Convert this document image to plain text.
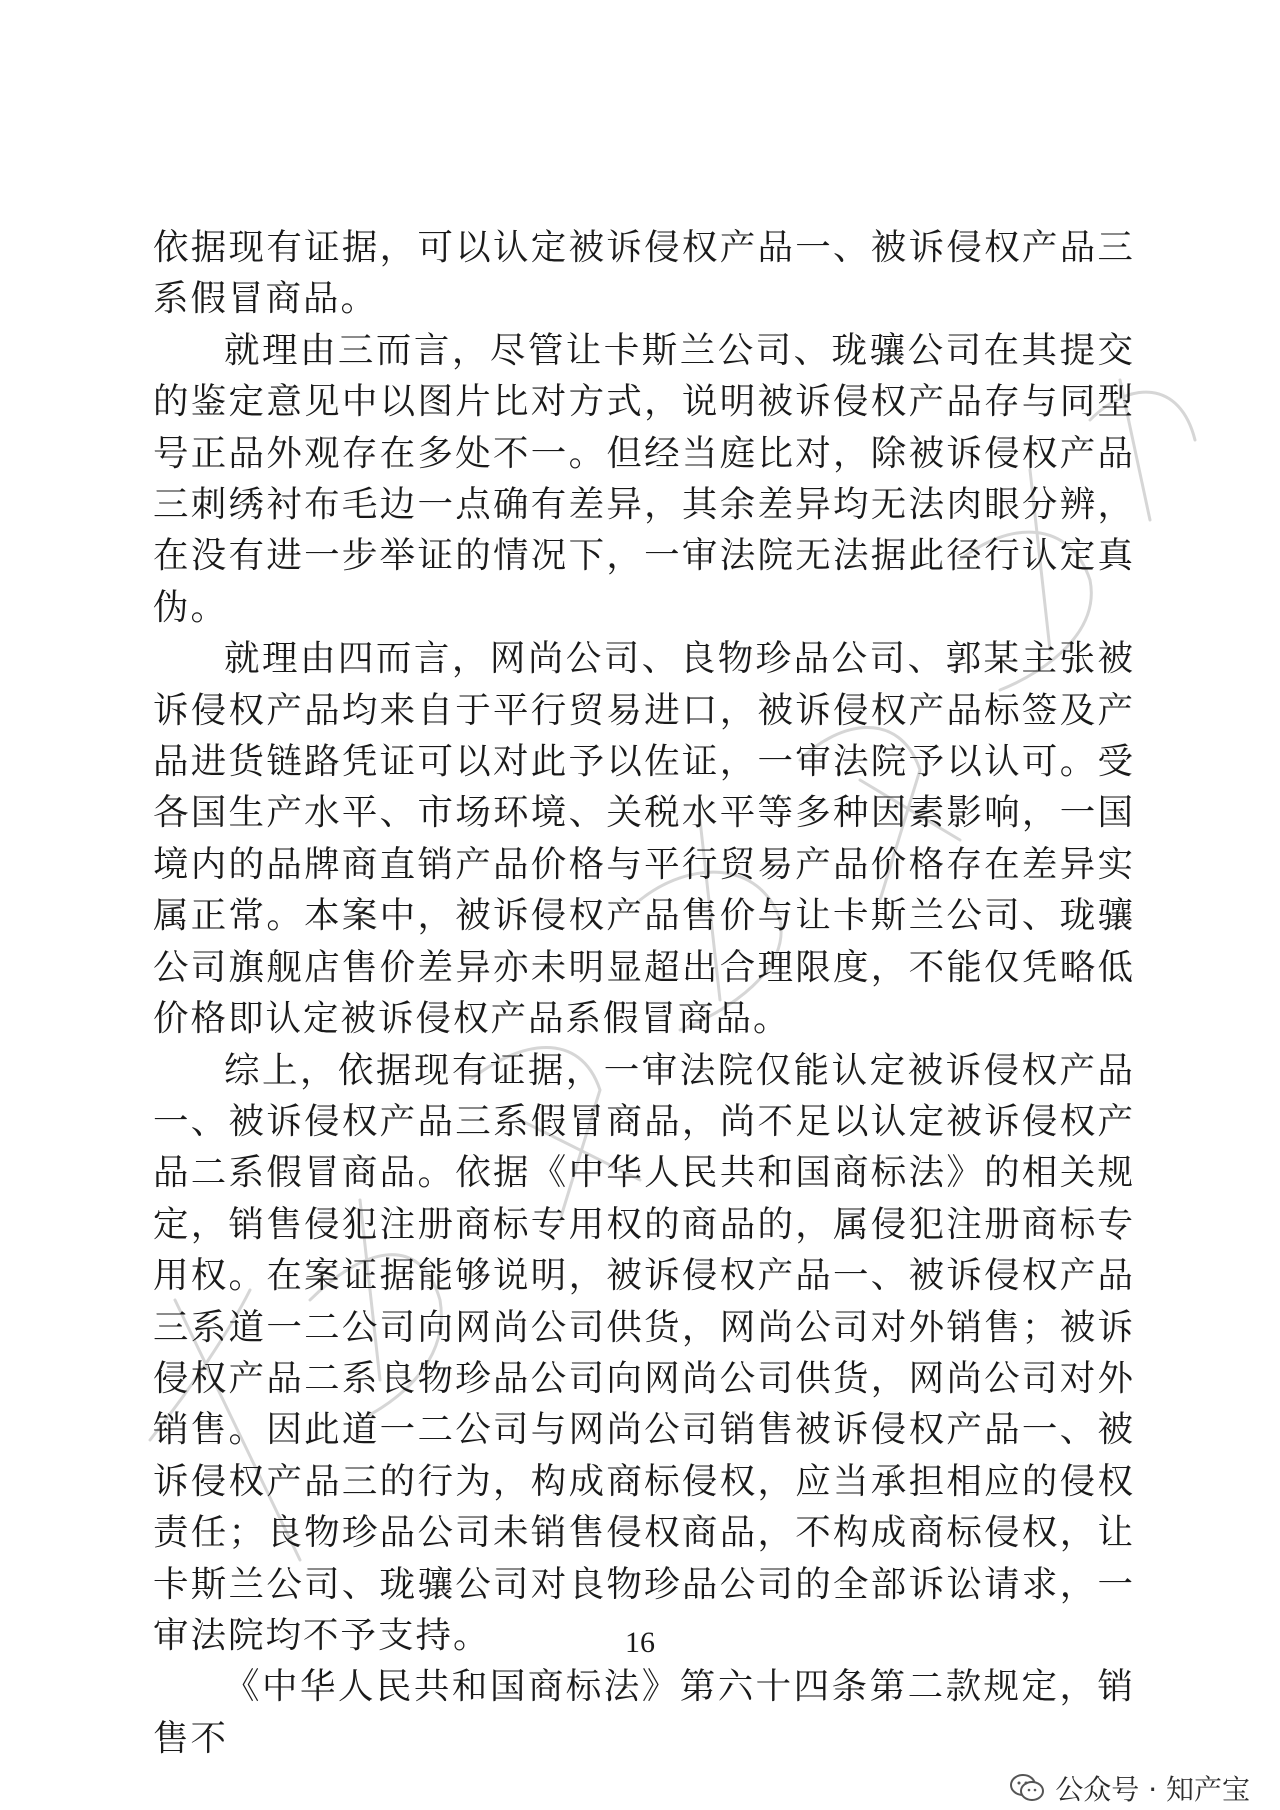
依据现有证据，可以认定被诉侵权产品一、被诉侵权产品三系假冒商品。

就理由三而言，尽管让卡斯兰公司、珑骧公司在其提交的鉴定意见中以图片比对方式，说明被诉侵权产品存与同型号正品外观存在多处不一。但经当庭比对，除被诉侵权产品三刺绣衬布毛边一点确有差异，其余差异均无法肉眼分辨，在没有进一步举证的情况下，一审法院无法据此径行认定真伪。

就理由四而言，网尚公司、良物珍品公司、郭某主张被诉侵权产品均来自于平行贸易进口，被诉侵权产品标签及产品进货链路凭证可以对此予以佐证，一审法院予以认可。受各国生产水平、市场环境、关税水平等多种因素影响，一国境内的品牌商直销产品价格与平行贸易产品价格存在差异实属正常。本案中，被诉侵权产品售价与让卡斯兰公司、珑骧公司旗舰店售价差异亦未明显超出合理限度，不能仅凭略低价格即认定被诉侵权产品系假冒商品。

综上，依据现有证据，一审法院仅能认定被诉侵权产品一、被诉侵权产品三系假冒商品，尚不足以认定被诉侵权产品二系假冒商品。依据《中华人民共和国商标法》的相关规定，销售侵犯注册商标专用权的商品的，属侵犯注册商标专用权。在案证据能够说明，被诉侵权产品一、被诉侵权产品三系道一二公司向网尚公司供货，网尚公司对外销售；被诉侵权产品二系良物珍品公司向网尚公司供货，网尚公司对外销售。因此道一二公司与网尚公司销售被诉侵权产品一、被诉侵权产品三的行为，构成商标侵权，应当承担相应的侵权责任；良物珍品公司未销售侵权商品，不构成商标侵权，让卡斯兰公司、珑骧公司对良物珍品公司的全部诉讼请求，一审法院均不予支持。

《中华人民共和国商标法》第六十四条第二款规定，销售不

16
公众号 · 知产宝
